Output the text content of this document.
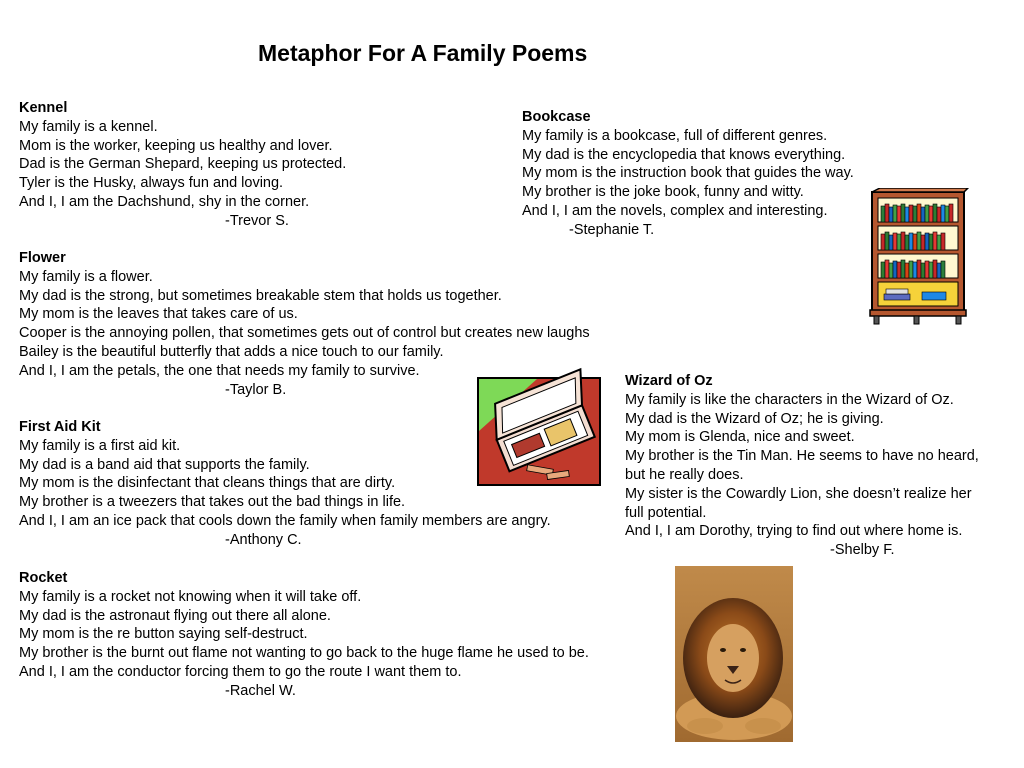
Metaphor For A Family Poems
Kennel
My family is a kennel.
Mom is the worker, keeping us healthy and lover.
Dad is the German Shepard, keeping us protected.
Tyler is the Husky, always fun and loving.
And I, I am the Dachshund, shy in the corner.
-Trevor S.
Flower
My family is a flower.
My dad is the strong, but sometimes breakable stem that holds us together.
My mom is the leaves that takes care of us.
Cooper is the annoying pollen, that sometimes gets out of control but creates new laughs
Bailey is the beautiful butterfly that adds a nice touch to our family.
And I, I am the petals, the one that needs my family to survive.
-Taylor B.
First Aid Kit
My family is a first aid kit.
My dad is a band aid that supports the family.
My mom is the disinfectant that cleans things that are dirty.
My brother is a tweezers that takes out the bad things in life.
And I, I am an ice pack that cools down the family when family members are angry.
-Anthony C.
Rocket
My family is a rocket not knowing when it will take off.
My dad is the astronaut flying out there all alone.
My mom is the re button saying self-destruct.
My brother is the burnt out flame not wanting to go back to the huge flame he used to be.
And I, I am the conductor forcing them to go the route I want them to.
-Rachel W.
Bookcase
My family is a bookcase, full of different genres.
My dad is the encyclopedia that knows everything.
My mom is the instruction book that guides the way.
My brother is the joke book, funny and witty.
And I, I am the novels, complex and interesting.
-Stephanie T.
Wizard of Oz
My family is like the characters in the Wizard of Oz.
My dad is the Wizard of Oz; he is giving.
My mom is Glenda, nice and sweet.
My brother is the Tin Man. He seems to have no heard,
but he really does.
My sister is the Cowardly Lion, she doesn’t realize her
full potential.
And I, I am Dorothy, trying to find out where home is.
-Shelby F.
